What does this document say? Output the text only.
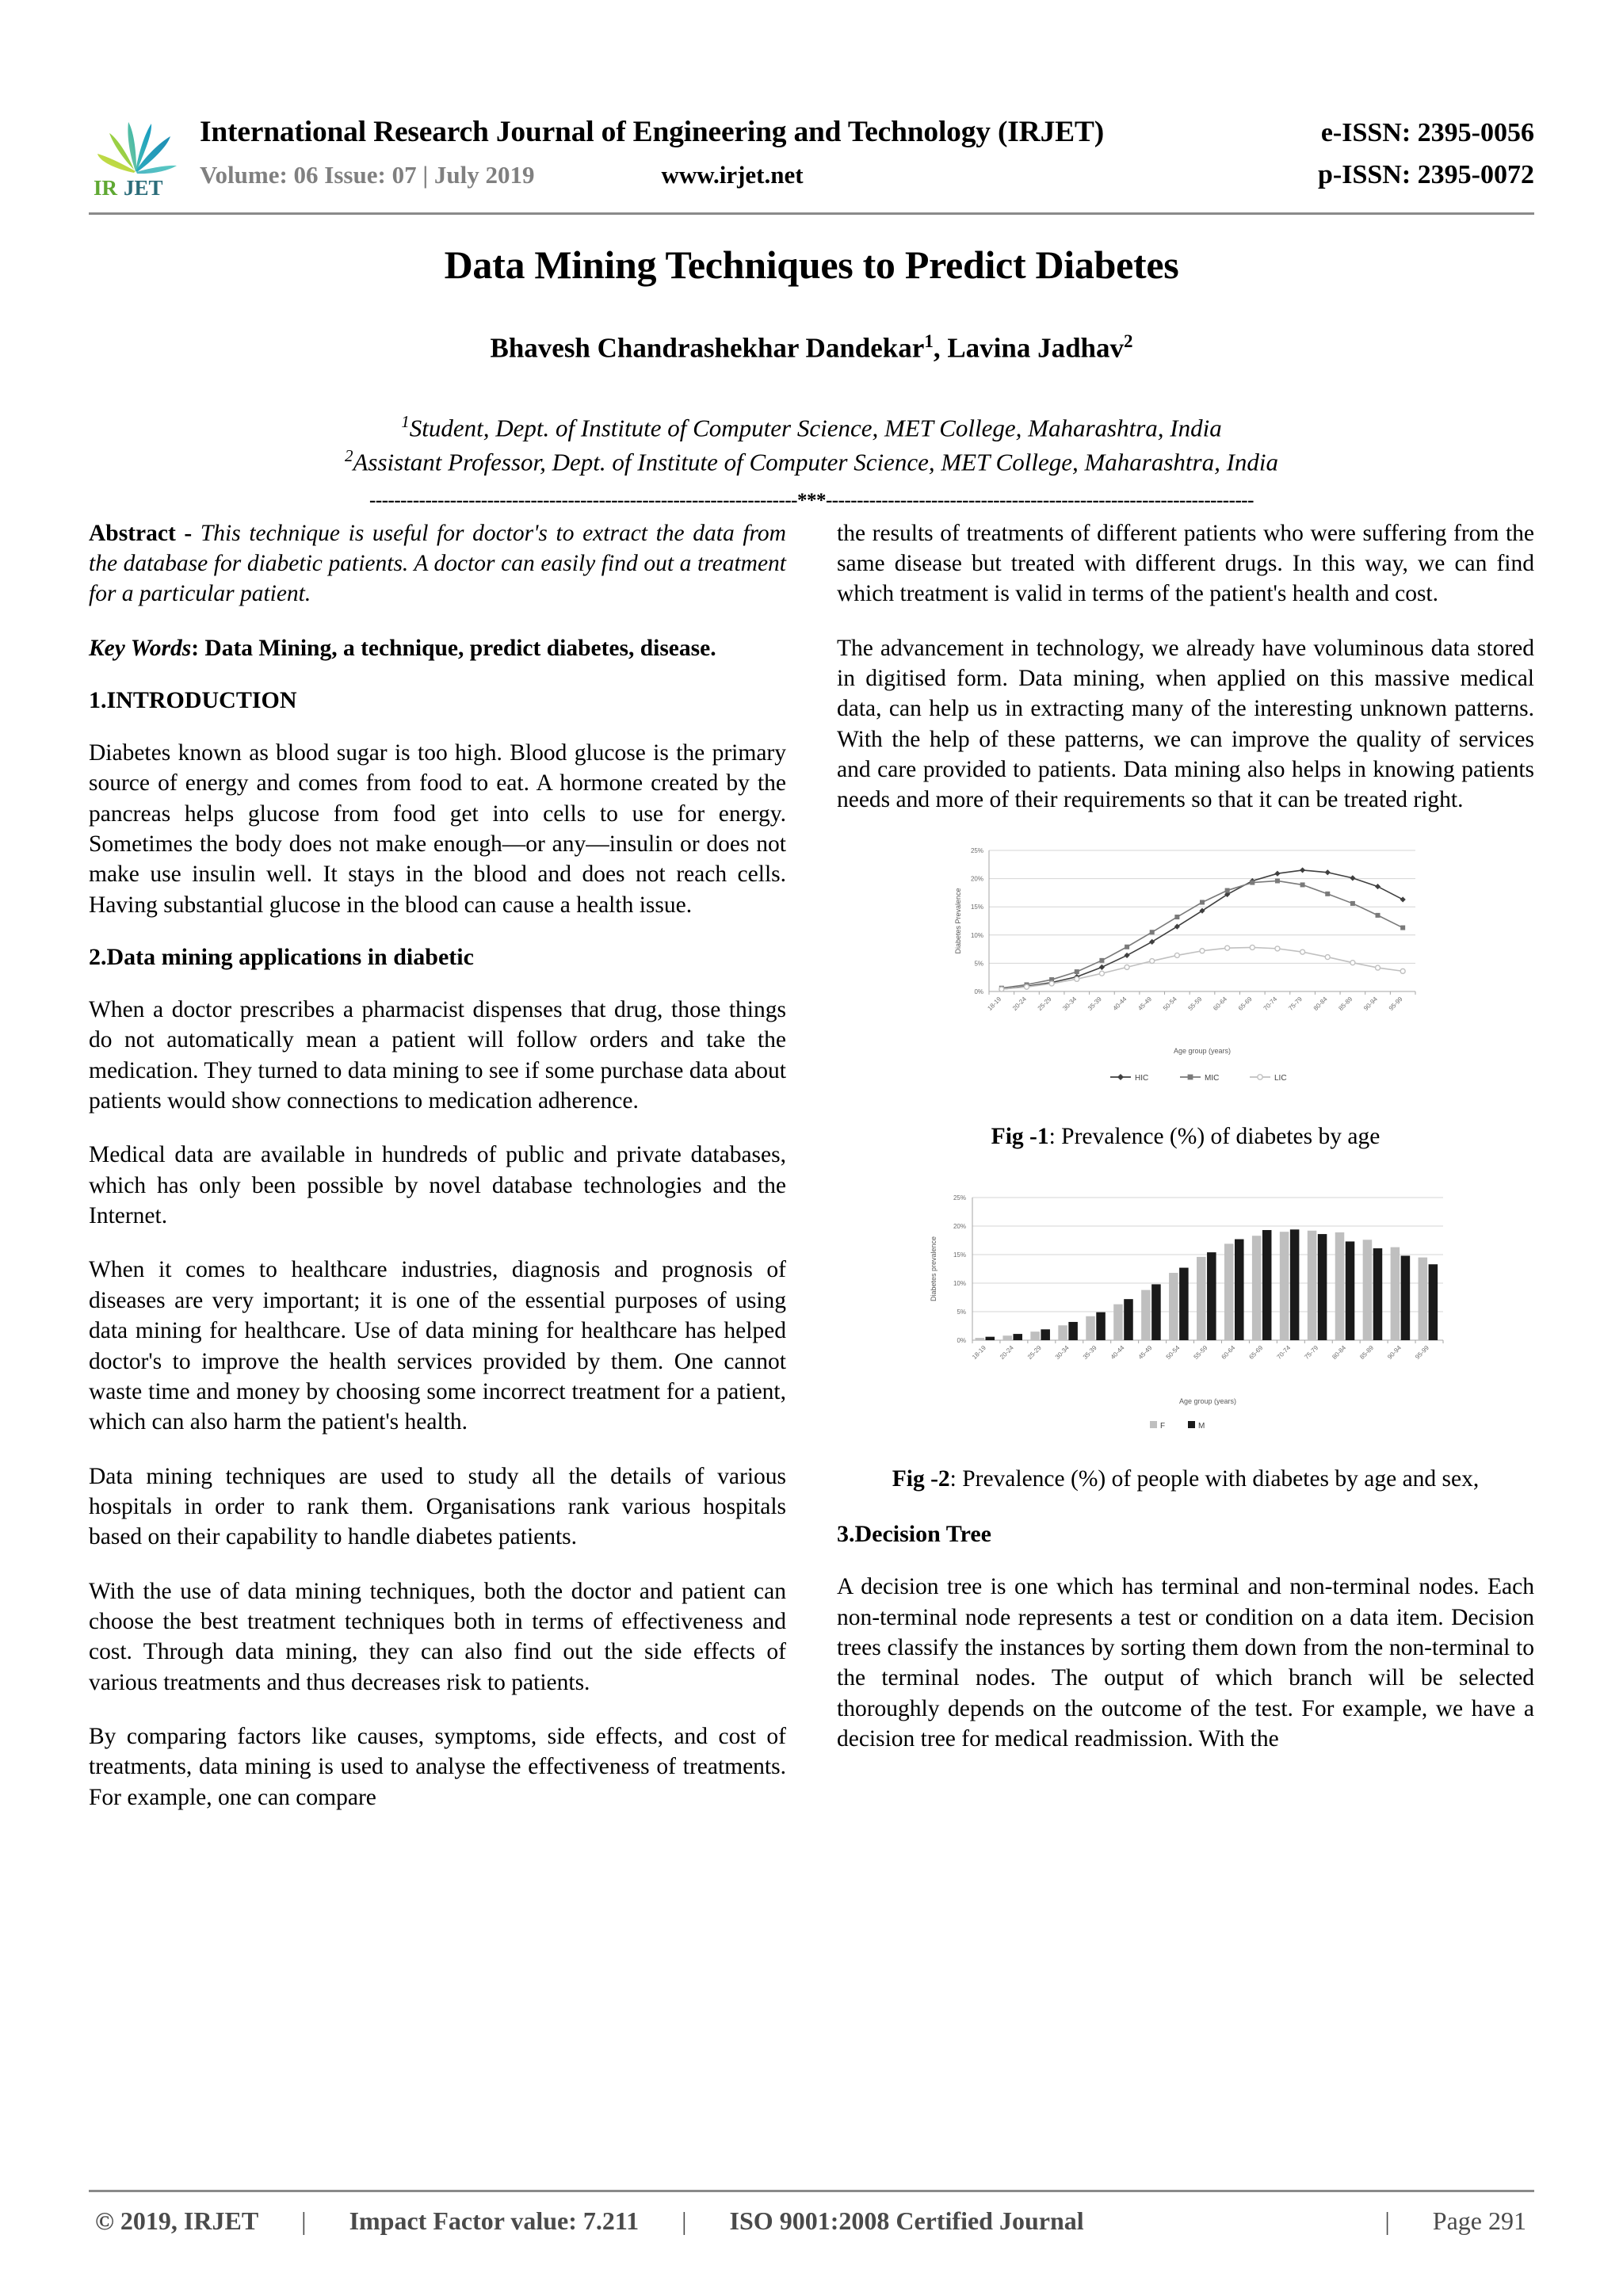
IR JET
International Research Journal of Engineering and Technology (IRJET)	e-ISSN: 2395-0056
Volume: 06 Issue: 07 | July 2019	www.irjet.net	p-ISSN: 2395-0072
Data Mining Techniques to Predict Diabetes
Bhavesh Chandrashekhar Dandekar$^1$, Lavina Jadhav$^2$
$^1$Student, Dept. of Institute of Computer Science, MET College, Maharashtra, India
$^2$Assistant Professor, Dept. of Institute of Computer Science, MET College, Maharashtra, India
---------------------------------------------------------------------***---------------------------------------------------------------------

Abstract - This technique is useful for doctor's to extract the data from the database for diabetic patients. A doctor can easily find out a treatment for a particular patient.

Key Words: Data Mining, a technique, predict diabetes, disease.

1.INTRODUCTION

Diabetes known as blood sugar is too high. Blood glucose is the primary source of energy and comes from food to eat. A hormone created by the pancreas helps glucose from food get into cells to use for energy. Sometimes the body does not make enough—or any—insulin or does not make use insulin well. It stays in the blood and does not reach cells. Having substantial glucose in the blood can cause a health issue.

2.Data mining applications in diabetic

When a doctor prescribes a pharmacist dispenses that drug, those things do not automatically mean a patient will follow orders and take the medication. They turned to data mining to see if some purchase data about patients would show connections to medication adherence.

Medical data are available in hundreds of public and private databases, which has only been possible by novel database technologies and the Internet.

When it comes to healthcare industries, diagnosis and prognosis of diseases are very important; it is one of the essential purposes of using data mining for healthcare. Use of data mining for healthcare has helped doctor's to improve the health services provided by them. One cannot waste time and money by choosing some incorrect treatment for a patient, which can also harm the patient's health.

Data mining techniques are used to study all the details of various hospitals in order to rank them. Organisations rank various hospitals based on their capability to handle diabetes patients.

With the use of data mining techniques, both the doctor and patient can choose the best treatment techniques both in terms of effectiveness and cost. Through data mining, they can also find out the side effects of various treatments and thus decreases risk to patients.

By comparing factors like causes, symptoms, side effects, and cost of treatments, data mining is used to analyse the effectiveness of treatments. For example, one can compare

the results of treatments of different patients who were suffering from the same disease but treated with different drugs. In this way, we can find which treatment is valid in terms of the patient's health and cost.

The advancement in technology, we already have voluminous data stored in digitised form. Data mining, when applied on this massive medical data, can help us in extracting many of the interesting unknown patterns. With the help of these patterns, we can improve the quality of services and care provided to patients. Data mining also helps in knowing patients needs and more of their requirements so that it can be treated right.

0%
5%
10%
15%
20%
25%
Diabetes Prevalence
18-19 20-24 25-29 30-34 35-39 40-44 45-49 50-54 55-59 60-64 65-69 70-74 75-79 80-84 85-89 90-94 95-99
Age group (years)
HIC	MIC	LIC
Fig -1: Prevalence (%) of diabetes by age
0%
5%
10%
15%
20%
25%
Diabetes prevalence
18-19 20-24 25-29 30-34 35-39 40-44 45-49 50-54 55-59 60-64 65-69 70-74 75-79 80-84 85-89 90-94 95-99
Age group (years)
F	M
Fig -2: Prevalence (%) of people with diabetes by age and sex,
3.Decision Tree

A decision tree is one which has terminal and non-terminal nodes. Each non-terminal node represents a test or condition on a data item. Decision trees classify the instances by sorting them down from the non-terminal to the terminal nodes. The output of which branch will be selected thoroughly depends on the outcome of the test. For example, we have a decision tree for medical readmission. With the

© 2019, IRJET | Impact Factor value: 7.211 | ISO 9001:2008 Certified Journal	| Page 291
